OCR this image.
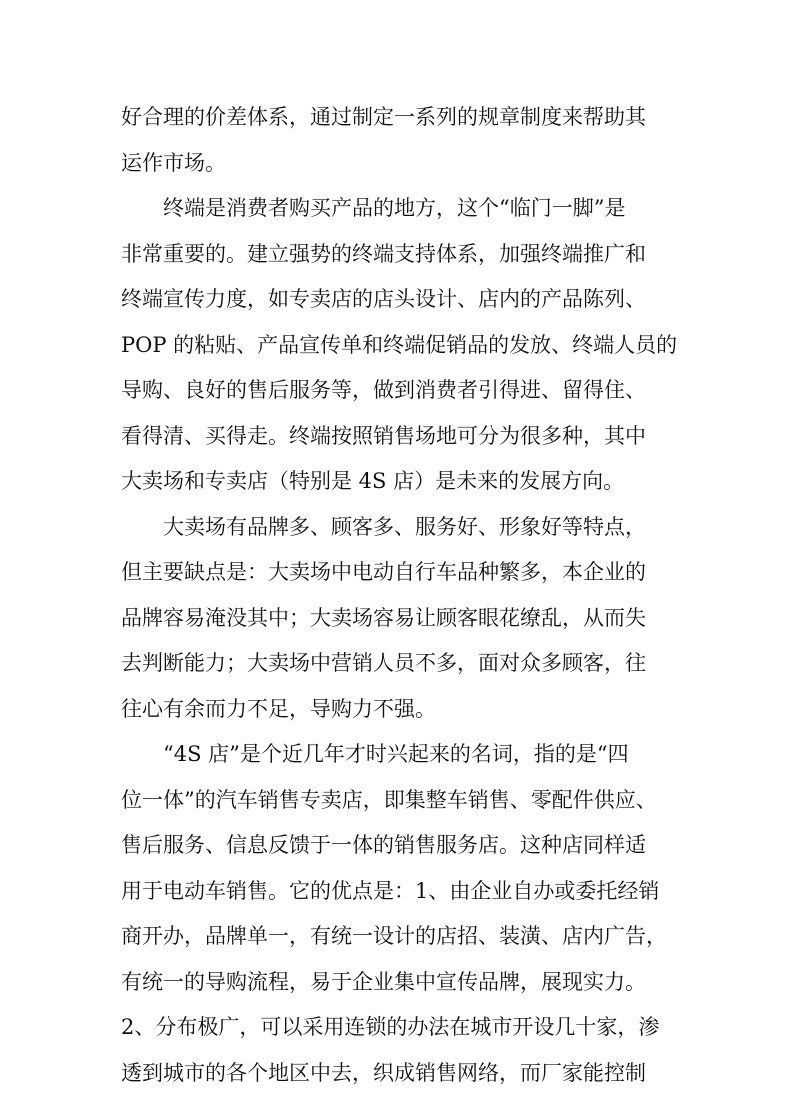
好合理的价差体系，通过制定一系列的规章制度来帮助其
运作市场。
终端是消费者购买产品的地方，这个“临门一脚”是
非常重要的。建立强势的终端支持体系，加强终端推广和
终端宣传力度，如专卖店的店头设计、店内的产品陈列、
POP 的粘贴、产品宣传单和终端促销品的发放、终端人员的
导购、良好的售后服务等，做到消费者引得进、留得住、
看得清、买得走。终端按照销售场地可分为很多种，其中
大卖场和专卖店（特别是 4S 店）是未来的发展方向。
大卖场有品牌多、顾客多、服务好、形象好等特点，
但主要缺点是：大卖场中电动自行车品种繁多，本企业的
品牌容易淹没其中；大卖场容易让顾客眼花缭乱，从而失
去判断能力；大卖场中营销人员不多，面对众多顾客，往
往心有余而力不足，导购力不强。
“4S 店”是个近几年才时兴起来的名词，指的是“四
位一体”的汽车销售专卖店，即集整车销售、零配件供应、
售后服务、信息反馈于一体的销售服务店。这种店同样适
用于电动车销售。它的优点是：1、由企业自办或委托经销
商开办，品牌单一，有统一设计的店招、装潢、店内广告，
有统一的导购流程，易于企业集中宣传品牌，展现实力。
2、分布极广，可以采用连锁的办法在城市开设几十家，渗
透到城市的各个地区中去，织成销售网络，而厂家能控制
